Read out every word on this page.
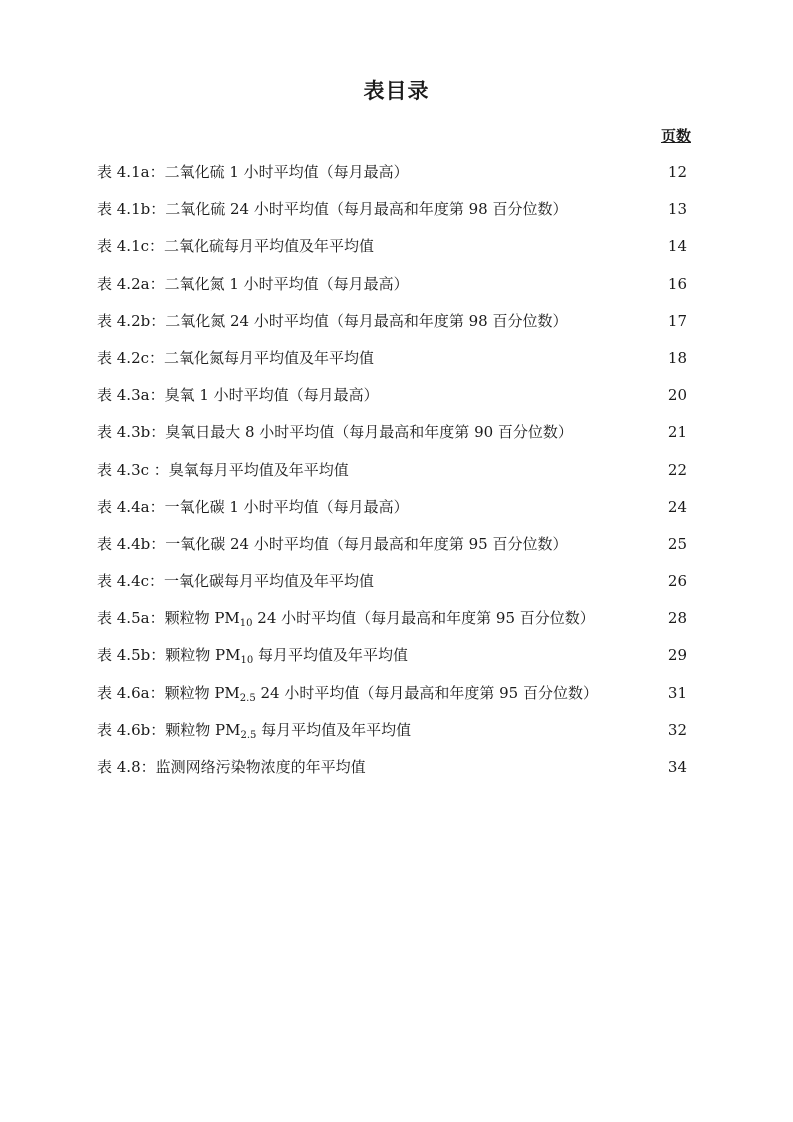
表目录
页数
表 4.1a：二氧化硫 1 小时平均值（每月最高）	12
表 4.1b：二氧化硫 24 小时平均值（每月最高和年度第 98 百分位数）	13
表 4.1c：二氧化硫每月平均值及年平均值	14
表 4.2a：二氧化氮 1 小时平均值（每月最高）	16
表 4.2b：二氧化氮 24 小时平均值（每月最高和年度第 98 百分位数）	17
表 4.2c：二氧化氮每月平均值及年平均值	18
表 4.3a：臭氧 1 小时平均值（每月最高）	20
表 4.3b：臭氧日最大 8 小时平均值（每月最高和年度第 90 百分位数）	21
表 4.3c ：臭氧每月平均值及年平均值	22
表 4.4a：一氧化碳 1 小时平均值（每月最高）	24
表 4.4b：一氧化碳 24 小时平均值（每月最高和年度第 95 百分位数）	25
表 4.4c：一氧化碳每月平均值及年平均值	26
表 4.5a：颗粒物 $PM_{10}$ 24 小时平均值（每月最高和年度第 95 百分位数）	28
表 4.5b：颗粒物 $PM_{10}$ 每月平均值及年平均值	29
表 4.6a：颗粒物 $PM_{2.5}$ 24 小时平均值（每月最高和年度第 95 百分位数）	31
表 4.6b：颗粒物 $PM_{2.5}$ 每月平均值及年平均值	32
表 4.8：监测网络污染物浓度的年平均值	34
